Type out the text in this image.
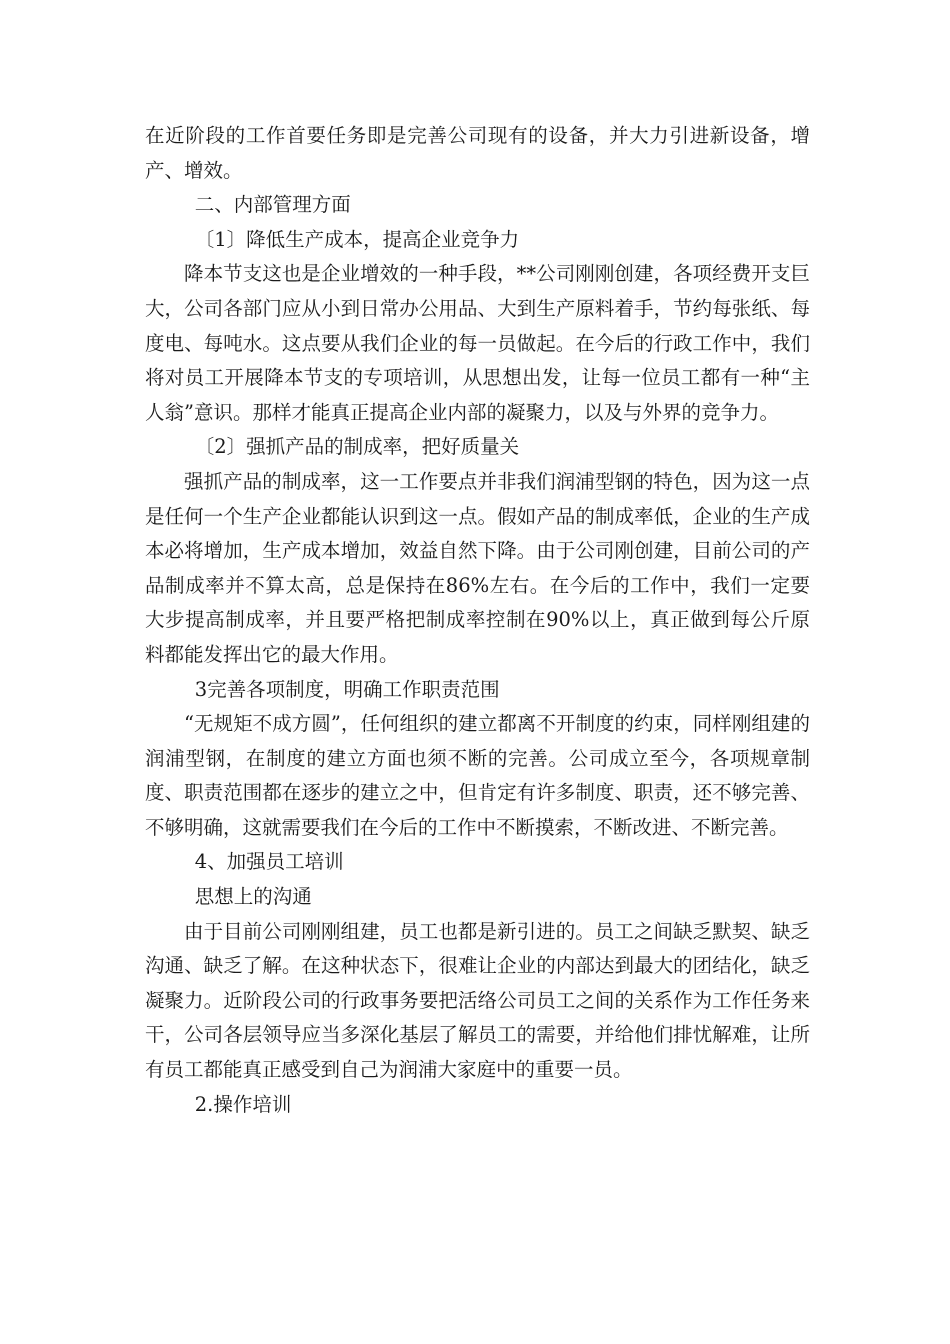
在近阶段的工作首要任务即是完善公司现有的设备，并大力引进新设备，增产、增效。

二、内部管理方面

〔1〕降低生产成本，提高企业竞争力

降本节支这也是企业增效的一种手段，**公司刚刚创建，各项经费开支巨大，公司各部门应从小到日常办公用品、大到生产原料着手，节约每张纸、每度电、每吨水。这点要从我们企业的每一员做起。在今后的行政工作中，我们将对员工开展降本节支的专项培训，从思想出发，让每一位员工都有一种“主人翁”意识。那样才能真正提高企业内部的凝聚力，以及与外界的竞争力。

〔2〕强抓产品的制成率，把好质量关

强抓产品的制成率，这一工作要点并非我们润浦型钢的特色，因为这一点是任何一个生产企业都能认识到这一点。假如产品的制成率低，企业的生产成本必将增加，生产成本增加，效益自然下降。由于公司刚创建，目前公司的产品制成率并不算太高，总是保持在86%左右。在今后的工作中，我们一定要大步提高制成率，并且要严格把制成率控制在90%以上，真正做到每公斤原料都能发挥出它的最大作用。

3完善各项制度，明确工作职责范围

“无规矩不成方圆”，任何组织的建立都离不开制度的约束，同样刚组建的润浦型钢，在制度的建立方面也须不断的完善。公司成立至今，各项规章制度、职责范围都在逐步的建立之中，但肯定有许多制度、职责，还不够完善、不够明确，这就需要我们在今后的工作中不断摸索，不断改进、不断完善。

4、加强员工培训

思想上的沟通

由于目前公司刚刚组建，员工也都是新引进的。员工之间缺乏默契、缺乏沟通、缺乏了解。在这种状态下，很难让企业的内部达到最大的团结化，缺乏凝聚力。近阶段公司的行政事务要把活络公司员工之间的关系作为工作任务来干，公司各层领导应当多深化基层了解员工的需要，并给他们排忧解难，让所有员工都能真正感受到自己为润浦大家庭中的重要一员。

2.操作培训
